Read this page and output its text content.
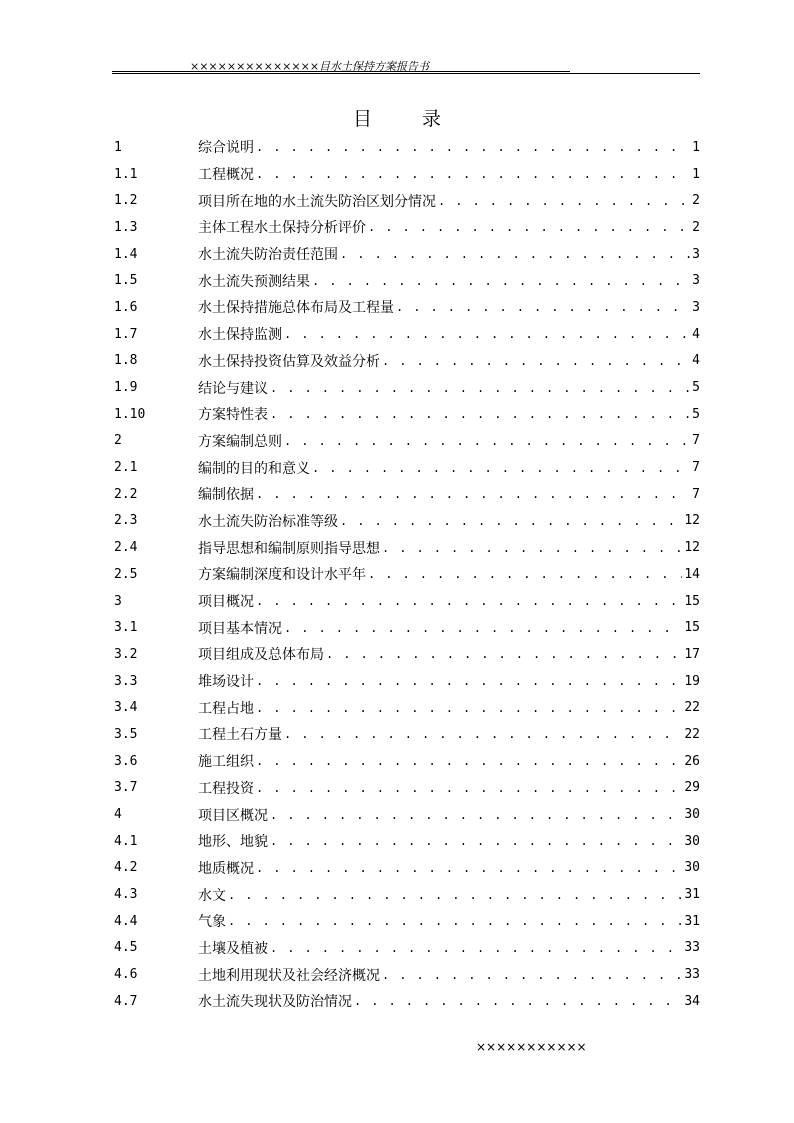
××××××××××××××目水土保持方案报告书
目 录
1	综合说明 . . .	1
1.1	工程概况 . . .	1
1.2	项目所在地的水土流失防治区划分情况 . . .	2
1.3	主体工程水土保持分析评价 . . .	2
1.4	水土流失防治责任范围 . . .	3
1.5	水土流失预测结果 . . .	3
1.6	水土保持措施总体布局及工程量 . . .	3
1.7	水土保持监测 . . .	4
1.8	水土保持投资估算及效益分析 . . .	4
1.9	结论与建议 . . .	5
1.10	方案特性表 . . .	5
2	方案编制总则 . . .	7
2.1	编制的目的和意义 . . .	7
2.2	编制依据 . . .	7
2.3	水土流失防治标准等级 . . .	12
2.4	指导思想和编制原则指导思想 . . .	12
2.5	方案编制深度和设计水平年 . . .	14
3	项目概况 . . .	15
3.1	项目基本情况 . . .	15
3.2	项目组成及总体布局 . . .	17
3.3	堆场设计 . . .	19
3.4	工程占地 . . .	22
3.5	工程土石方量 . . .	22
3.6	施工组织 . . .	26
3.7	工程投资 . . .	29
4	项目区概况 . . .	30
4.1	地形、地貌 . . .	30
4.2	地质概况 . . .	30
4.3	水文 . . .	31
4.4	气象 . . .	31
4.5	土壤及植被 . . .	33
4.6	土地利用现状及社会经济概况 . . .	33
4.7	水土流失现状及防治情况 . . .	34
×××××××××××
